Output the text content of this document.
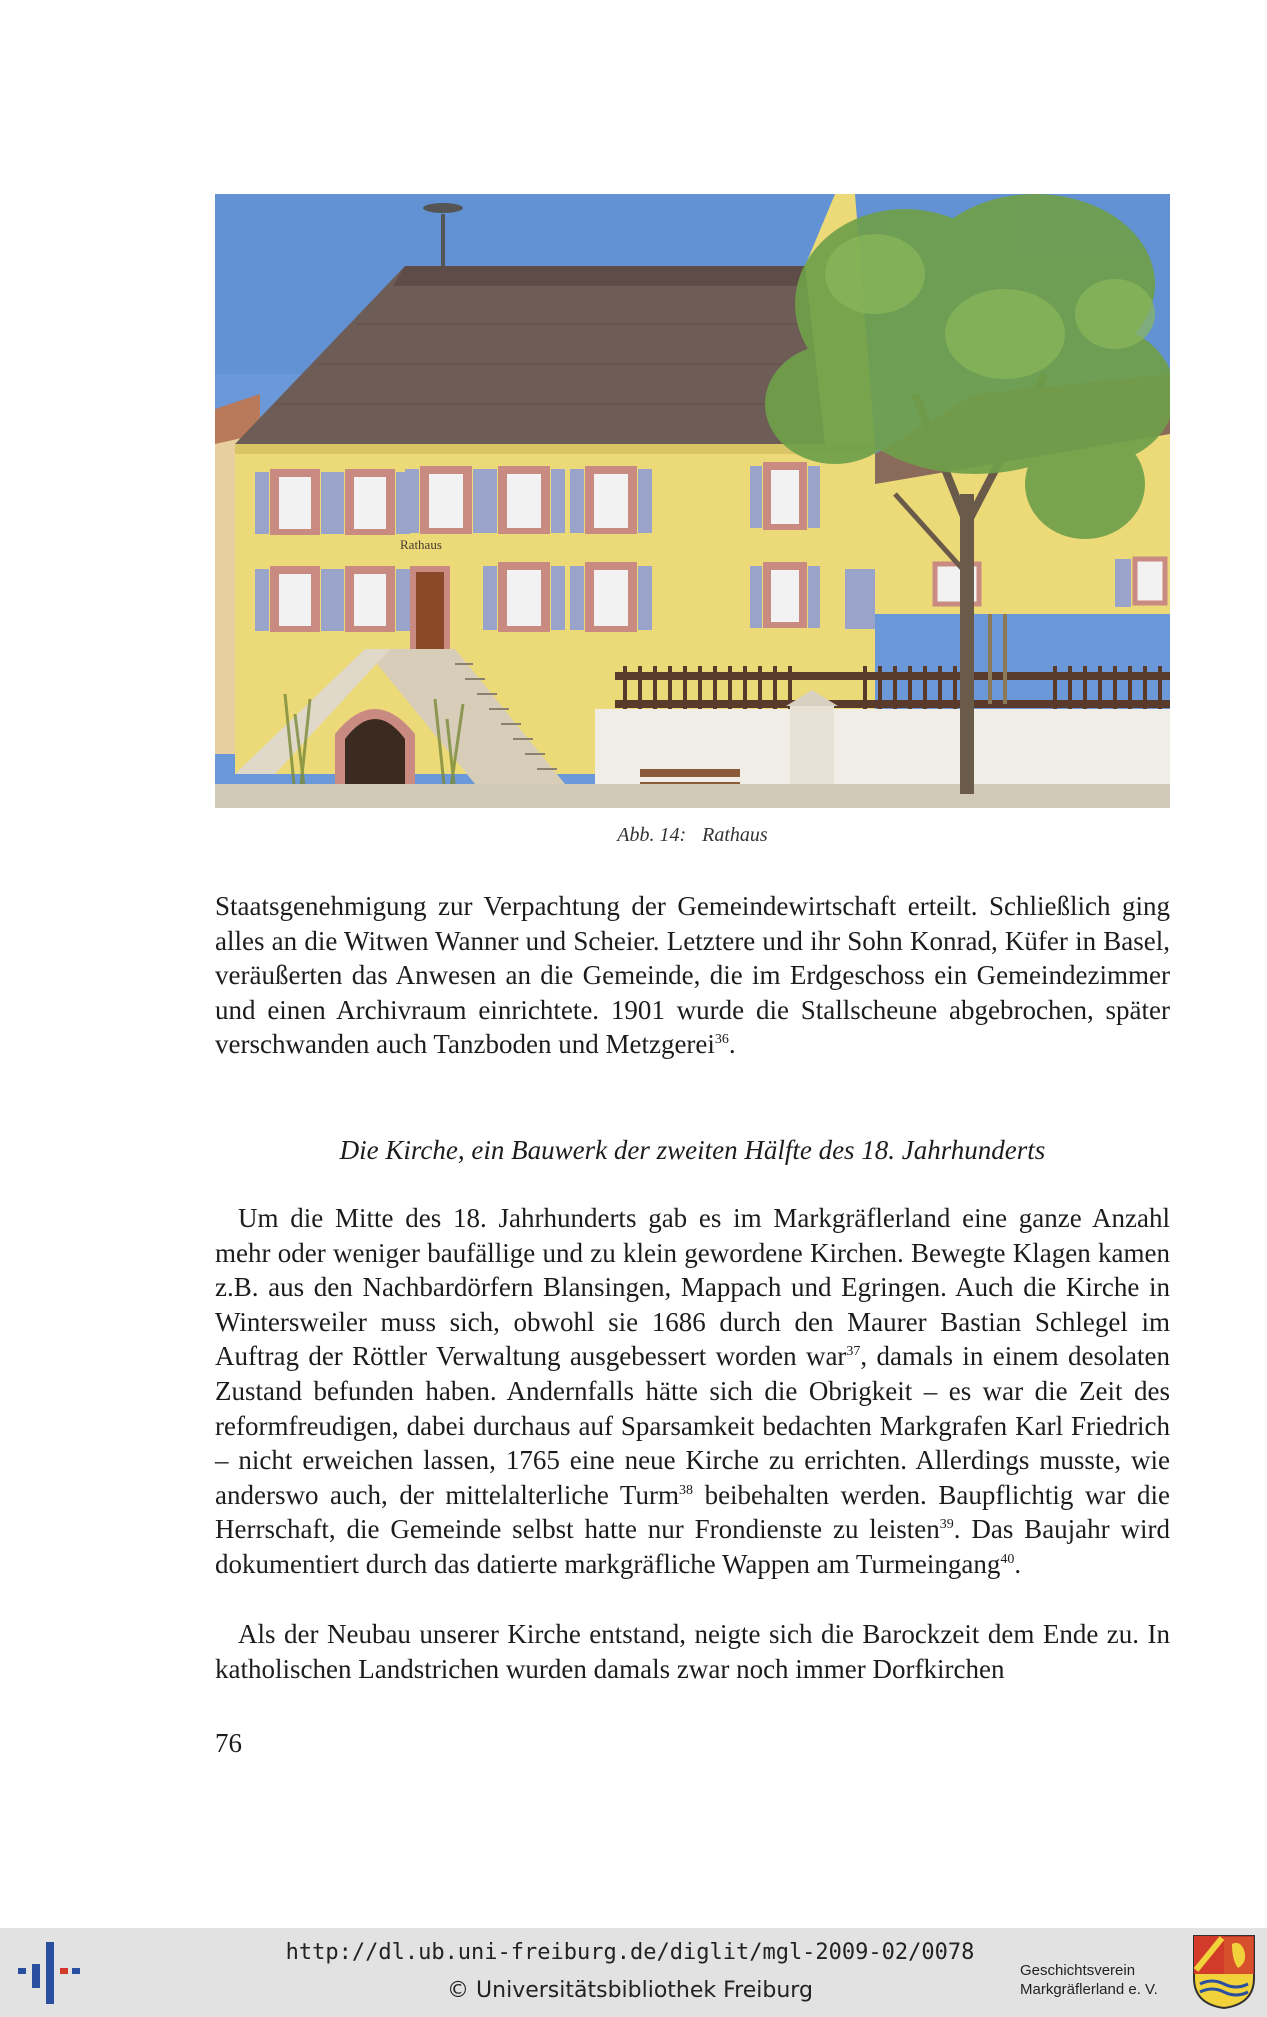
Rathaus
Abb. 14: Rathaus

Staatsgenehmigung zur Verpachtung der Gemeindewirtschaft erteilt. Schließlich ging alles an die Witwen Wanner und Scheier. Letztere und ihr Sohn Konrad, Küfer in Basel, veräußerten das Anwesen an die Gemeinde, die im Erdgeschoss ein Gemeindezimmer und einen Archivraum einrichtete. 1901 wurde die Stallscheune abgebrochen, später verschwanden auch Tanzboden und Metzgerei$^{36}$.

Die Kirche, ein Bauwerk der zweiten Hälfte des 18. Jahrhunderts

Um die Mitte des 18. Jahrhunderts gab es im Markgräflerland eine ganze Anzahl mehr oder weniger baufällige und zu klein gewordene Kirchen. Bewegte Klagen kamen z.B. aus den Nachbardörfern Blansingen, Mappach und Egringen. Auch die Kirche in Wintersweiler muss sich, obwohl sie 1686 durch den Maurer Bastian Schlegel im Auftrag der Röttler Verwaltung ausgebessert worden war$^{37}$, damals in einem desolaten Zustand befunden haben. Andernfalls hätte sich die Obrigkeit – es war die Zeit des reformfreudigen, dabei durchaus auf Sparsamkeit bedachten Markgrafen Karl Friedrich – nicht erweichen lassen, 1765 eine neue Kirche zu errichten. Allerdings musste, wie anderswo auch, der mittelalterliche Turm$^{38}$ beibehalten werden. Baupflichtig war die Herrschaft, die Gemeinde selbst hatte nur Frondienste zu leisten$^{39}$. Das Baujahr wird dokumentiert durch das datierte markgräfliche Wappen am Turmeingang$^{40}$.

Als der Neubau unserer Kirche entstand, neigte sich die Barockzeit dem Ende zu. In katholischen Landstrichen wurden damals zwar noch immer Dorfkirchen

76
http://dl.ub.uni-freiburg.de/diglit/mgl-2009-02/0078
© Universitätsbibliothek Freiburg
Geschichtsverein
Markgräflerland e. V.
